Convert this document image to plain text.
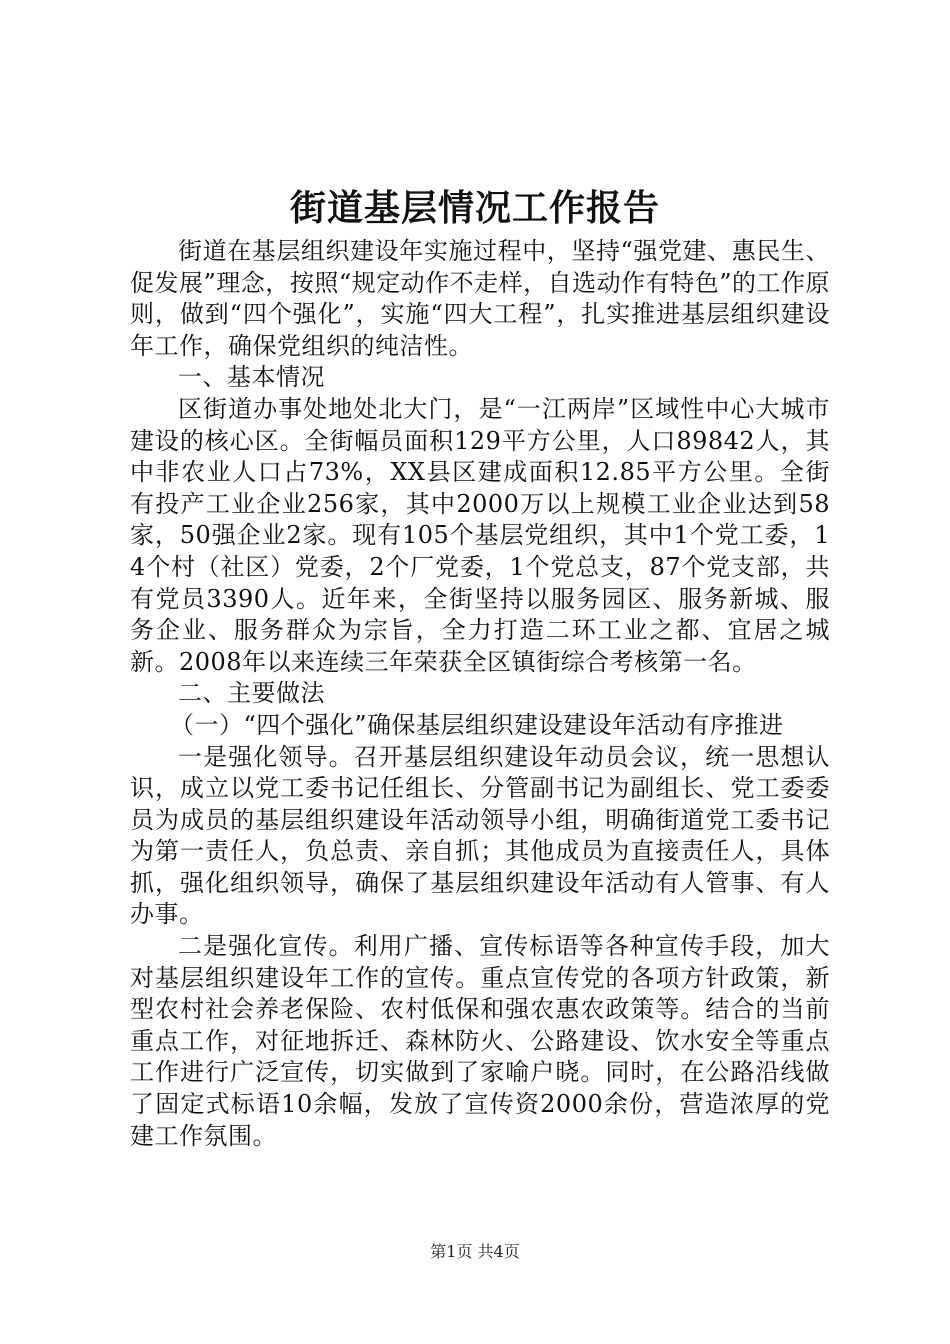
街道基层情况工作报告

街道在基层组织建设年实施过程中，坚持“强党建、惠民生、促发展”理念，按照“规定动作不走样，自选动作有特色”的工作原则，做到“四个强化”，实施“四大工程”，扎实推进基层组织建设年工作，确保党组织的纯洁性。

一、基本情况

区街道办事处地处北大门，是“一江两岸”区域性中心大城市建设的核心区。全街幅员面积129平方公里，人口89842人，其中非农业人口占73%，XX县区建成面积12.85平方公里。全街有投产工业企业256家，其中2000万以上规模工业企业达到58家，50强企业2家。现有105个基层党组织，其中1个党工委，14个村（社区）党委，2个厂党委，1个党总支，87个党支部，共有党员3390人。近年来，全街坚持以服务园区、服务新城、服务企业、服务群众为宗旨，全力打造二环工业之都、宜居之城新。2008年以来连续三年荣获全区镇街综合考核第一名。

二、主要做法

（一）“四个强化”确保基层组织建设建设年活动有序推进

一是强化领导。召开基层组织建设年动员会议，统一思想认识，成立以党工委书记任组长、分管副书记为副组长、党工委委员为成员的基层组织建设年活动领导小组，明确街道党工委书记为第一责任人，负总责、亲自抓；其他成员为直接责任人，具体抓，强化组织领导，确保了基层组织建设年活动有人管事、有人办事。

二是强化宣传。利用广播、宣传标语等各种宣传手段，加大对基层组织建设年工作的宣传。重点宣传党的各项方针政策，新型农村社会养老保险、农村低保和强农惠农政策等。结合的当前重点工作，对征地拆迁、森林防火、公路建设、饮水安全等重点工作进行广泛宣传，切实做到了家喻户晓。同时，在公路沿线做了固定式标语10余幅，发放了宣传资2000余份，营造浓厚的党建工作氛围。

第1页 共4页
